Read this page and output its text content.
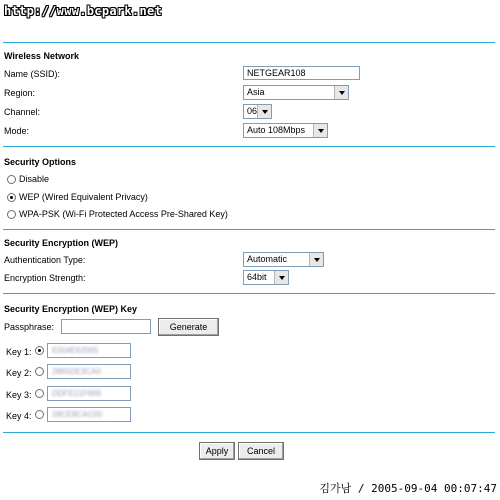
http://www.bcpark.net
Wireless Network
Name (SSID):	NETGEAR108
Region:	Asia
Channel:	06
Mode:	Auto 108Mbps
Security Options
Disable
WEP (Wired Equivalent Privacy)
WPA-PSK (Wi-Fi Protected Access Pre-Shared Key)
Security Encryption (WEP)
Authentication Type:	Automatic
Encryption Strength:	64bit
Security Encryption (WEP) Key
Passphrase:	Generate
Key 1:	E004E62065
Key 2:	2865DE3CA0
Key 3:	DDFE21F669
Key 4:	28CE8CAC00
Apply	Cancel
김가남 / 2005-09-04 00:07:47
